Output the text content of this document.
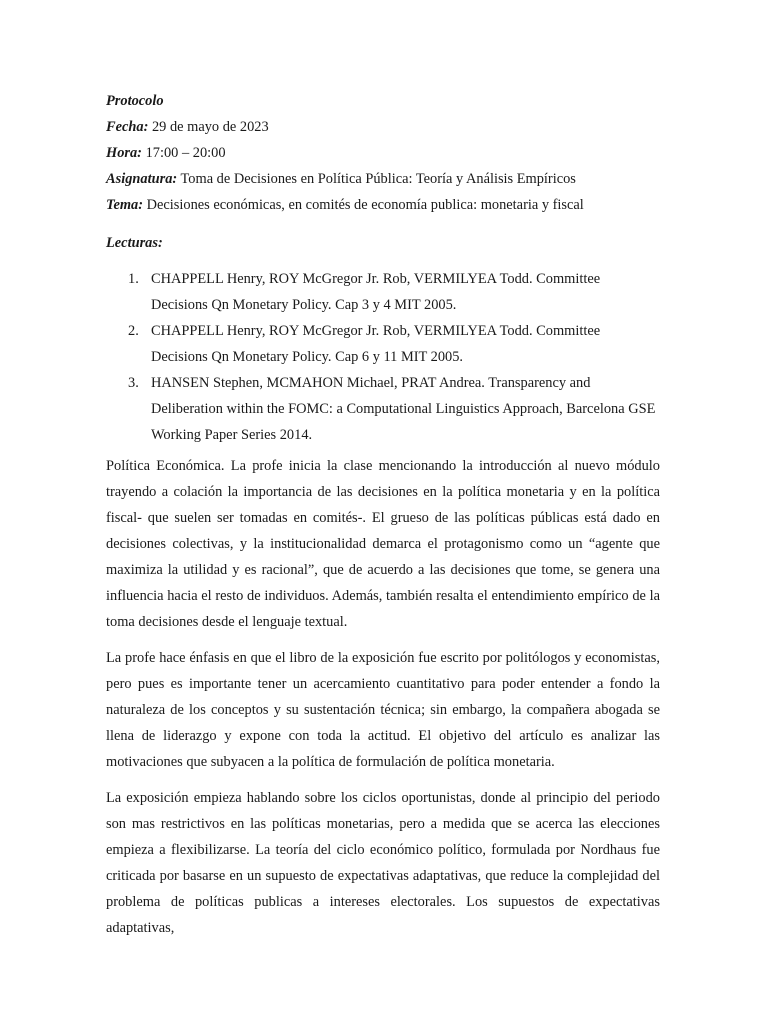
Protocolo
Fecha: 29 de mayo de 2023
Hora: 17:00 – 20:00
Asignatura: Toma de Decisiones en Política Pública: Teoría y Análisis Empíricos
Tema: Decisiones económicas, en comités de economía publica: monetaria y fiscal
Lecturas:
1. CHAPPELL Henry, ROY McGregor Jr. Rob, VERMILYEA Todd. Committee Decisions Qn Monetary Policy. Cap 3 y 4 MIT 2005.
2. CHAPPELL Henry, ROY McGregor Jr. Rob, VERMILYEA Todd. Committee Decisions Qn Monetary Policy. Cap 6 y 11 MIT 2005.
3. HANSEN Stephen, MCMAHON Michael, PRAT Andrea. Transparency and Deliberation within the FOMC: a Computational Linguistics Approach, Barcelona GSE Working Paper Series 2014.

Política Económica. La profe inicia la clase mencionando la introducción al nuevo módulo trayendo a colación la importancia de las decisiones en la política monetaria y en la política fiscal- que suelen ser tomadas en comités-. El grueso de las políticas públicas está dado en decisiones colectivas, y la institucionalidad demarca el protagonismo como un “agente que maximiza la utilidad y es racional”, que de acuerdo a las decisiones que tome, se genera una influencia hacia el resto de individuos. Además, también resalta el entendimiento empírico de la toma decisiones desde el lenguaje textual.

La profe hace énfasis en que el libro de la exposición fue escrito por politólogos y economistas, pero pues es importante tener un acercamiento cuantitativo para poder entender a fondo la naturaleza de los conceptos y su sustentación técnica; sin embargo, la compañera abogada se llena de liderazgo y expone con toda la actitud. El objetivo del artículo es analizar las motivaciones que subyacen a la política de formulación de política monetaria.

La exposición empieza hablando sobre los ciclos oportunistas, donde al principio del periodo son mas restrictivos en las políticas monetarias, pero a medida que se acerca las elecciones empieza a flexibilizarse. La teoría del ciclo económico político, formulada por Nordhaus fue criticada por basarse en un supuesto de expectativas adaptativas, que reduce la complejidad del problema de políticas publicas a intereses electorales. Los supuestos de expectativas adaptativas,
